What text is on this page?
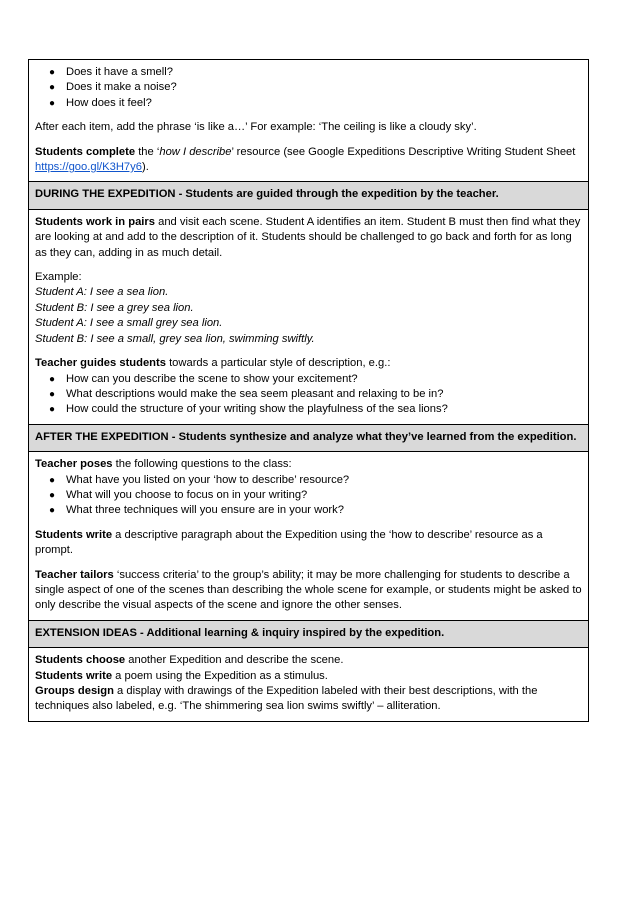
● Does it have a smell?
● Does it make a noise?
● How does it feel?

After each item, add the phrase ‘is like a…’ For example: ‘The ceiling is like a cloudy sky’.

Students complete the ‘how I describe’ resource (see Google Expeditions Descriptive Writing Student Sheet https://goo.gl/K3H7y6).

DURING THE EXPEDITION - Students are guided through the expedition by the teacher.

Students work in pairs and visit each scene. Student A identifies an item. Student B must then find what they are looking at and add to the description of it. Students should be challenged to go back and forth for as long as they can, adding in as much detail.

Example:

Student A: I see a sea lion.

Student B: I see a grey sea lion.

Student A: I see a small grey sea lion.

Student B: I see a small, grey sea lion, swimming swiftly.

Teacher guides students towards a particular style of description, e.g.:

● How can you describe the scene to show your excitement?
● What descriptions would make the sea seem pleasant and relaxing to be in?
● How could the structure of your writing show the playfulness of the sea lions?

AFTER THE EXPEDITION - Students synthesize and analyze what they’ve learned from the expedition.

Teacher poses the following questions to the class:

● What have you listed on your ‘how to describe’ resource?
● What will you choose to focus on in your writing?
● What three techniques will you ensure are in your work?

Students write a descriptive paragraph about the Expedition using the ‘how to describe’ resource as a prompt.

Teacher tailors ‘success criteria’ to the group’s ability; it may be more challenging for students to describe a single aspect of one of the scenes than describing the whole scene for example, or students might be asked to only describe the visual aspects of the scene and ignore the other senses.

EXTENSION IDEAS - Additional learning & inquiry inspired by the expedition.

Students choose another Expedition and describe the scene.

Students write a poem using the Expedition as a stimulus.

Groups design a display with drawings of the Expedition labeled with their best descriptions, with the techniques also labeled, e.g. ‘The shimmering sea lion swims swiftly’ – alliteration.
